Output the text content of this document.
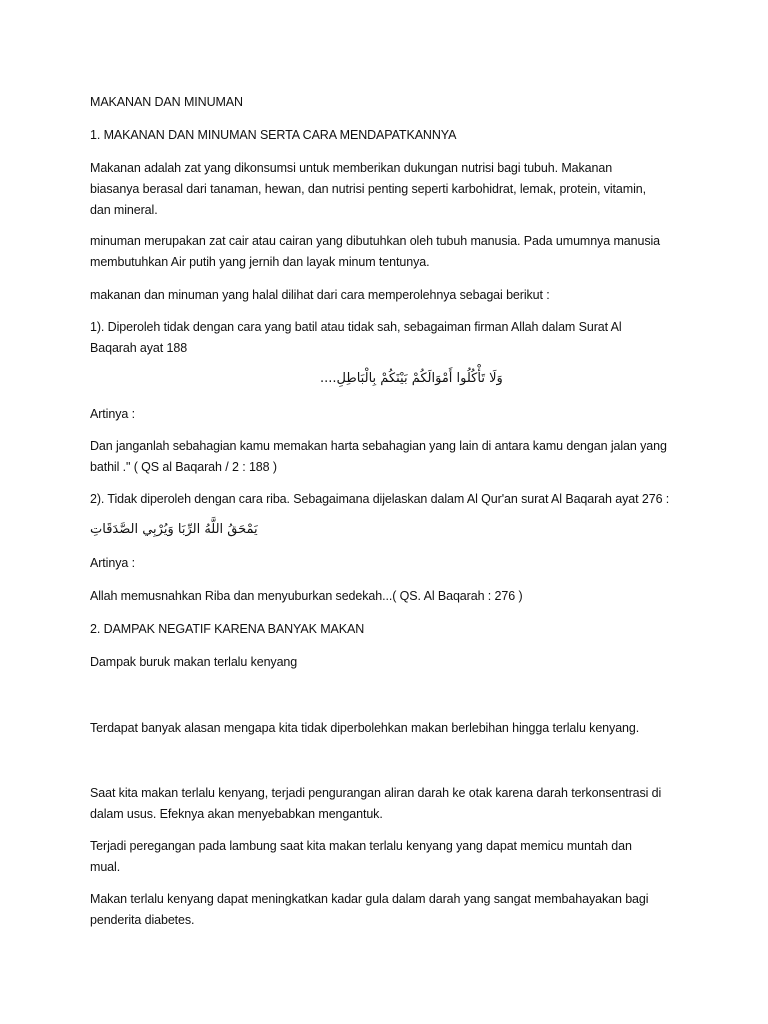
MAKANAN DAN MINUMAN

1. MAKANAN DAN MINUMAN SERTA CARA MENDAPATKANNYA

Makanan adalah zat yang dikonsumsi untuk memberikan dukungan nutrisi bagi tubuh. Makanan biasanya berasal dari tanaman, hewan, dan nutrisi penting seperti karbohidrat, lemak, protein, vitamin, dan mineral.

minuman merupakan zat cair atau cairan yang dibutuhkan oleh tubuh manusia. Pada umumnya manusia membutuhkan Air putih yang jernih dan layak minum tentunya.

makanan dan minuman yang halal dilihat dari cara memperolehnya sebagai berikut :

1). Diperoleh tidak dengan cara yang batil atau tidak sah, sebagaiman firman Allah dalam Surat Al Baqarah ayat 188

وَلَا تَأْكُلُوا أَمْوَالَكُمْ بَيْنَكُمْ بِالْبَاطِلِ....

Artinya :

Dan janganlah sebahagian kamu memakan harta sebahagian yang lain di antara kamu dengan jalan yang bathil ." ( QS al Baqarah / 2 : 188 )

2). Tidak diperoleh dengan cara riba. Sebagaimana dijelaskan dalam Al Qur'an surat Al Baqarah ayat 276 :

يَمْحَقُ اللَّهُ الرِّبَا وَيُرْبِي الصَّدَقَاتِ

Artinya :

Allah memusnahkan Riba dan menyuburkan sedekah...( QS. Al Baqarah : 276 )

2. DAMPAK NEGATIF KARENA BANYAK MAKAN

Dampak buruk makan terlalu kenyang

Terdapat banyak alasan mengapa kita tidak diperbolehkan makan berlebihan hingga terlalu kenyang.

Saat kita makan terlalu kenyang, terjadi pengurangan aliran darah ke otak karena darah terkonsentrasi di dalam usus. Efeknya akan menyebabkan mengantuk.

Terjadi peregangan pada lambung saat kita makan terlalu kenyang yang dapat memicu muntah dan mual.

Makan terlalu kenyang dapat meningkatkan kadar gula dalam darah yang sangat membahayakan bagi penderita diabetes.
